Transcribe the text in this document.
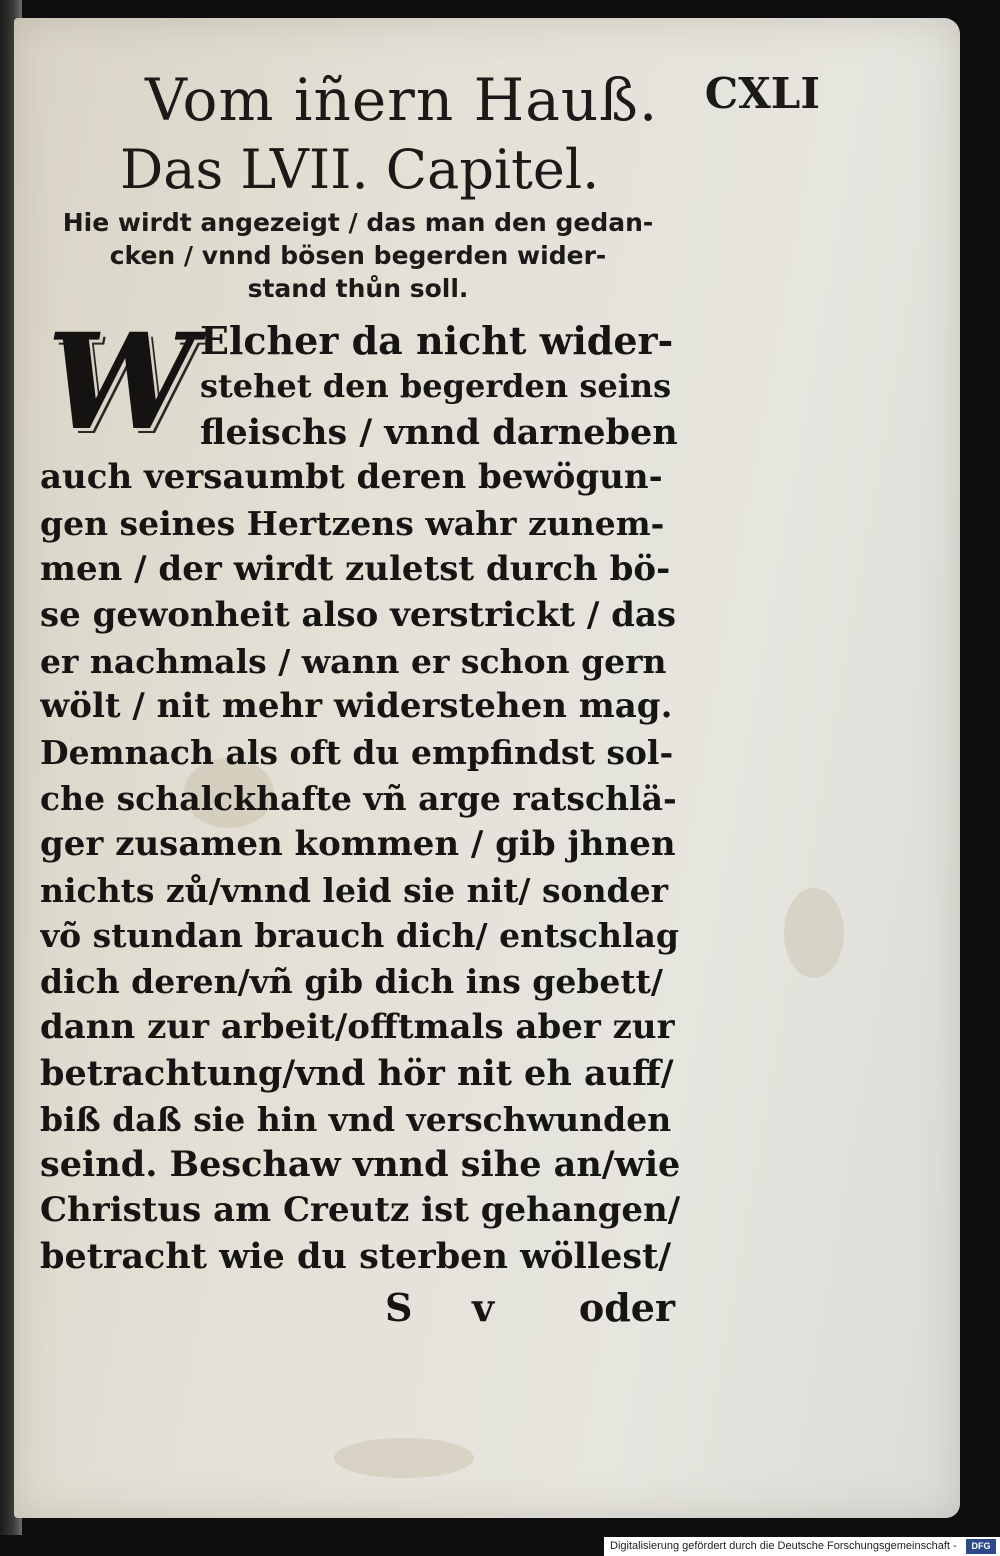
Vom iñern Hauß. CXLI
Das LVII. Capitel.
Hie wirdt angezeigt / das man den gedan-
cken / vnnd bösen begerden wider-
stand thůn soll.
W Elcher da nicht wider-
stehet den begerden seins
fleischs / vnnd darneben
auch versaumbt deren bewögun-
gen seines Hertzens wahr zunem-
men / der wirdt zuletst durch bö-
se gewonheit also verstrickt / das
er nachmals / wann er schon gern
wölt / nit mehr widerstehen mag.
Demnach als oft du empfindst sol-
che schalckhafte vñ arge ratschlä-
ger zusamen kommen / gib jhnen
nichts zů/vnnd leid sie nit/ sonder
võ stundan brauch dich/ entschlag
dich deren/vñ gib dich ins gebett/
dann zur arbeit/offtmals aber zur
betrachtung/vnd hör nit eh auff/
biß daß sie hin vnd verschwunden
seind. Beschaw vnnd sihe an/wie
Christus am Creutz ist gehangen/
betracht wie du sterben wöllest/
S v oder
Digitalisierung gefördert durch die Deutsche Forschungsgemeinschaft -	DFG
